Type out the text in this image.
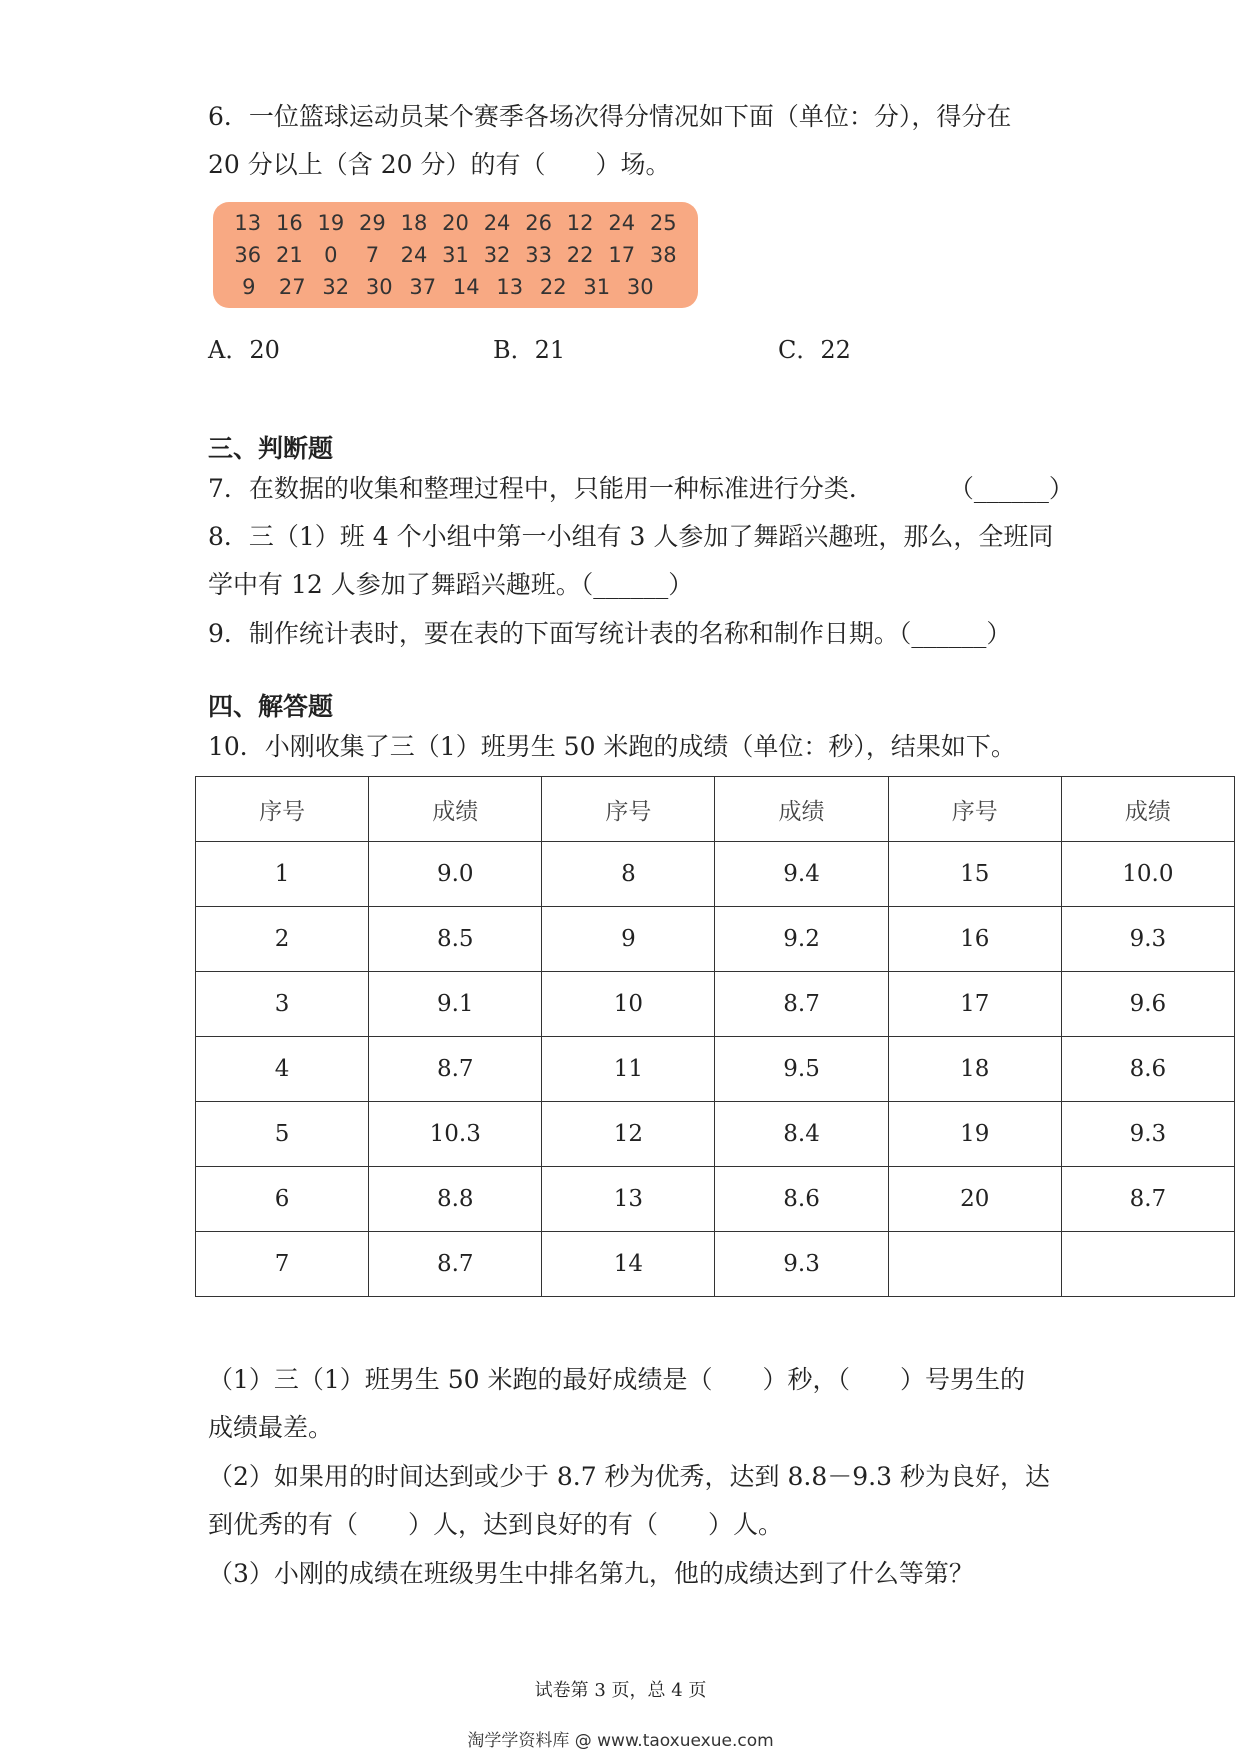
6．一位篮球运动员某个赛季各场次得分情况如下面（单位：分），得分在
20 分以上（含 20 分）的有（　　）场。
13 16 19 29 18 20 24 26 12 24 25
36 21	0	7	24 31 32 33 22 17 38
9	27 32 30 37 14 13 22 31 30
A．20	B．21	C．22
三、判断题
7．在数据的收集和整理过程中，只能用一种标准进行分类．　　　　（______）
8．三（1）班 4 个小组中第一小组有 3 人参加了舞蹈兴趣班，那么，全班同
学中有 12 人参加了舞蹈兴趣班。（______）
9．制作统计表时，要在表的下面写统计表的名称和制作日期。（______）
四、解答题
10．小刚收集了三（1）班男生 50 米跑的成绩（单位：秒），结果如下。
序号	成绩	序号	成绩	序号	成绩
1	9.0	8	9.4	15	10.0
2	8.5	9	9.2	16	9.3
3	9.1	10	8.7	17	9.6
4	8.7	11	9.5	18	8.6
5	10.3	12	8.4	19	9.3
6	8.8	13	8.6	20	8.7
7	8.7	14	9.3		
（1）三（1）班男生 50 米跑的最好成绩是（　　）秒，（　　）号男生的
成绩最差。
（2）如果用的时间达到或少于 8.7 秒为优秀，达到 8.8－9.3 秒为良好，达
到优秀的有（　　）人，达到良好的有（　　）人。
（3）小刚的成绩在班级男生中排名第九，他的成绩达到了什么等第？
试卷第 3 页，总 4 页
淘学学资料库 @ www.taoxuexue.com
